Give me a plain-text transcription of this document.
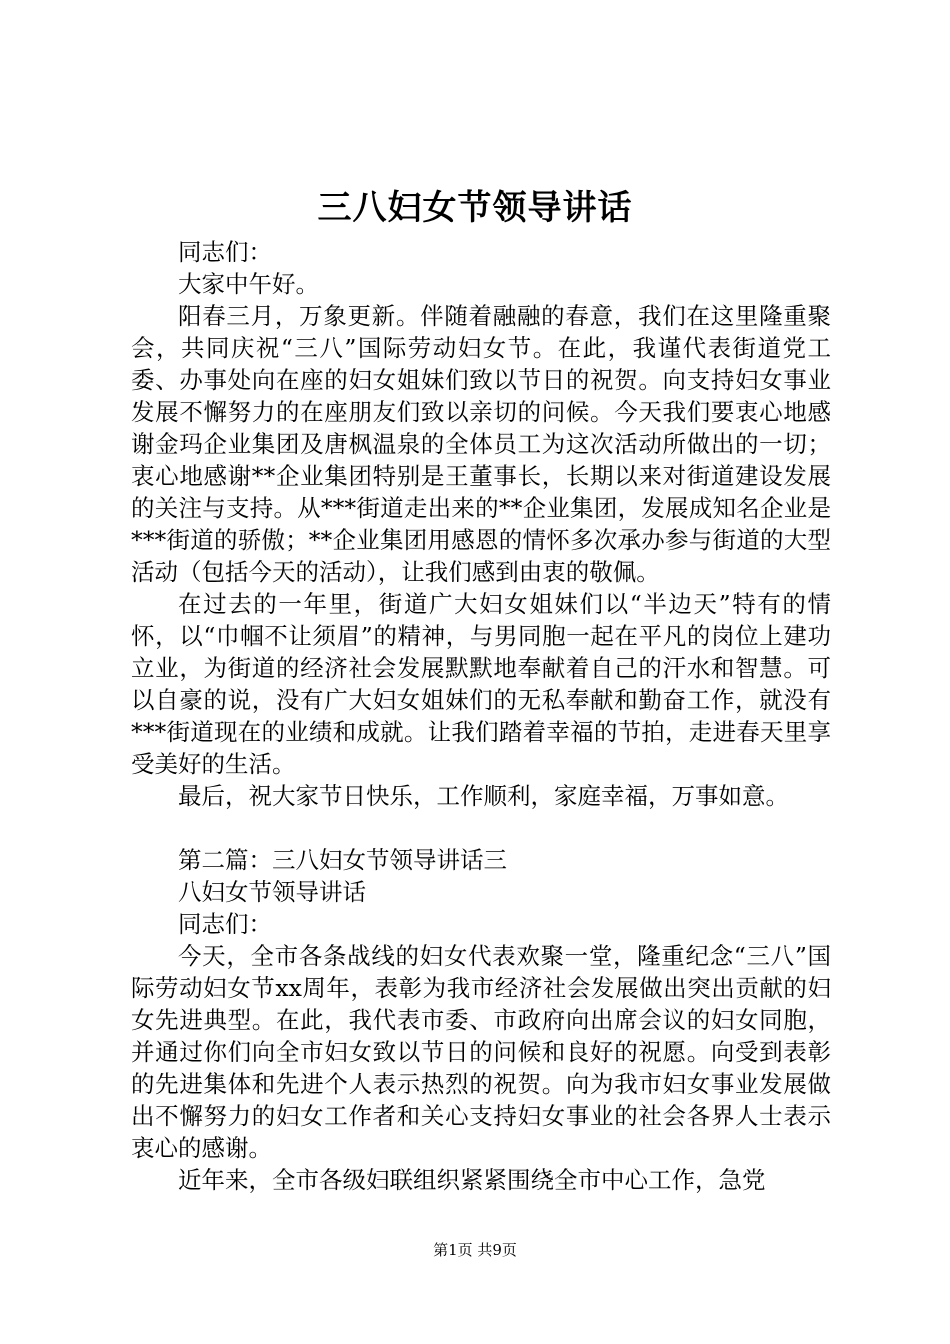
三八妇女节领导讲话

同志们：

大家中午好。

阳春三月，万象更新。伴随着融融的春意，我们在这里隆重聚会，共同庆祝“三八”国际劳动妇女节。在此，我谨代表街道党工委、办事处向在座的妇女姐妹们致以节日的祝贺。向支持妇女事业发展不懈努力的在座朋友们致以亲切的问候。今天我们要衷心地感谢金玛企业集团及唐枫温泉的全体员工为这次活动所做出的一切；衷心地感谢**企业集团特别是王董事长，长期以来对街道建设发展的关注与支持。从***街道走出来的**企业集团，发展成知名企业是***街道的骄傲；**企业集团用感恩的情怀多次承办参与街道的大型活动（包括今天的活动），让我们感到由衷的敬佩。

在过去的一年里，街道广大妇女姐妹们以“半边天”特有的情怀，以“巾帼不让须眉”的精神，与男同胞一起在平凡的岗位上建功立业，为街道的经济社会发展默默地奉献着自己的汗水和智慧。可以自豪的说，没有广大妇女姐妹们的无私奉献和勤奋工作，就没有***街道现在的业绩和成就。让我们踏着幸福的节拍，走进春天里享受美好的生活。

最后，祝大家节日快乐，工作顺利，家庭幸福，万事如意。

第二篇：三八妇女节领导讲话三

八妇女节领导讲话

同志们：

今天，全市各条战线的妇女代表欢聚一堂，隆重纪念“三八”国际劳动妇女节xx周年，表彰为我市经济社会发展做出突出贡献的妇女先进典型。在此，我代表市委、市政府向出席会议的妇女同胞，并通过你们向全市妇女致以节日的问候和良好的祝愿。向受到表彰的先进集体和先进个人表示热烈的祝贺。向为我市妇女事业发展做出不懈努力的妇女工作者和关心支持妇女事业的社会各界人士表示衷心的感谢。

近年来，全市各级妇联组织紧紧围绕全市中心工作，急党

第1页 共9页
